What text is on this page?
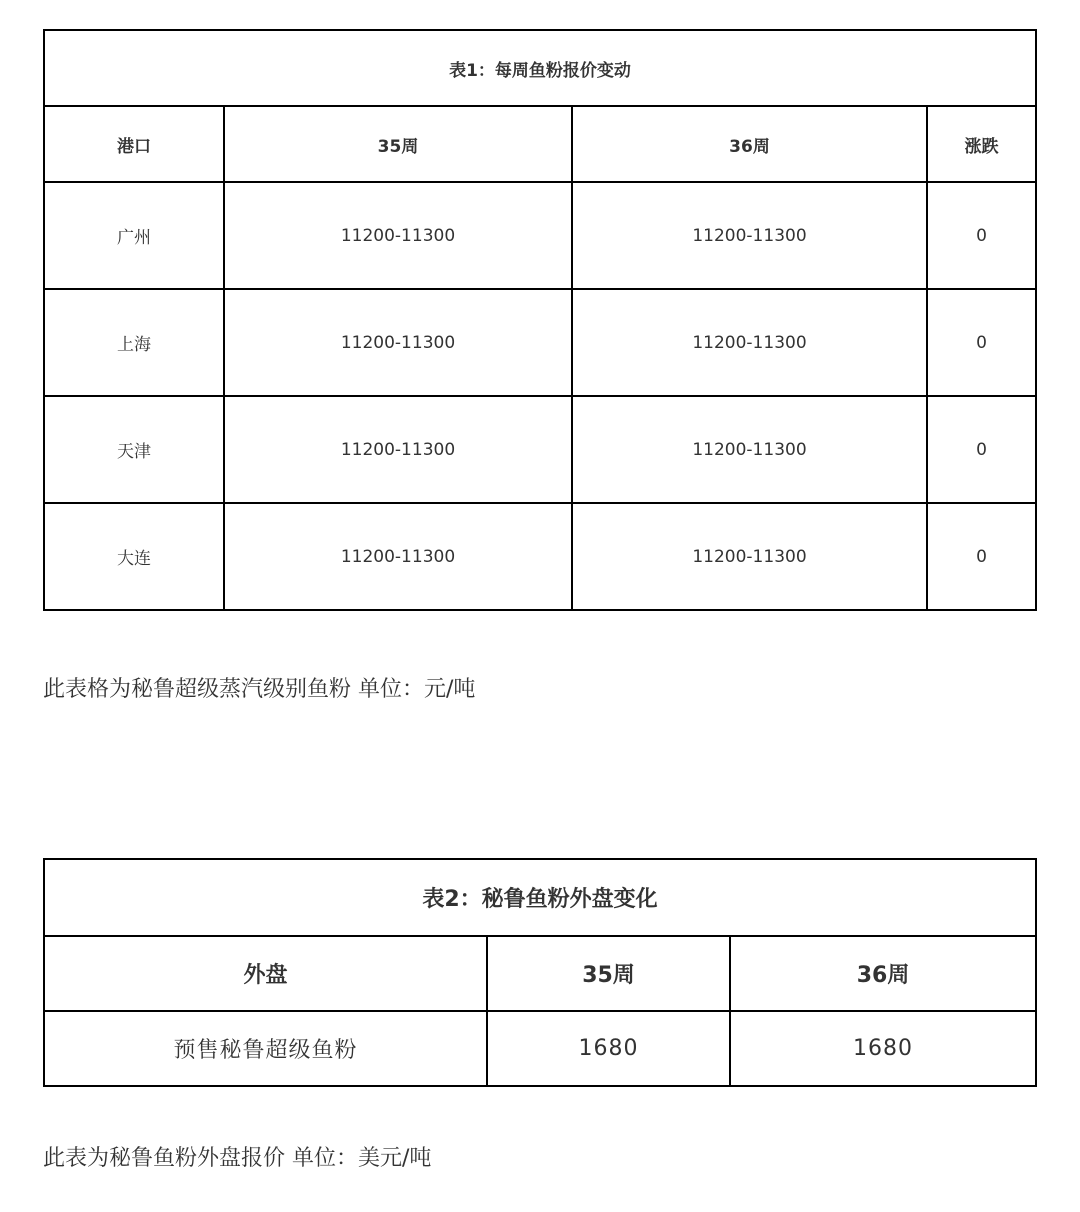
表1：每周鱼粉报价变动			
港口	35周	36周	涨跌
广州	11200-11300	11200-11300	0
上海	11200-11300	11200-11300	0
天津	11200-11300	11200-11300	0
大连	11200-11300	11200-11300	0
此表格为秘鲁超级蒸汽级别鱼粉 单位：元/吨
表2：秘鲁鱼粉外盘变化		
外盘	35周	36周
预售秘鲁超级鱼粉	1680	1680
此表为秘鲁鱼粉外盘报价 单位：美元/吨
